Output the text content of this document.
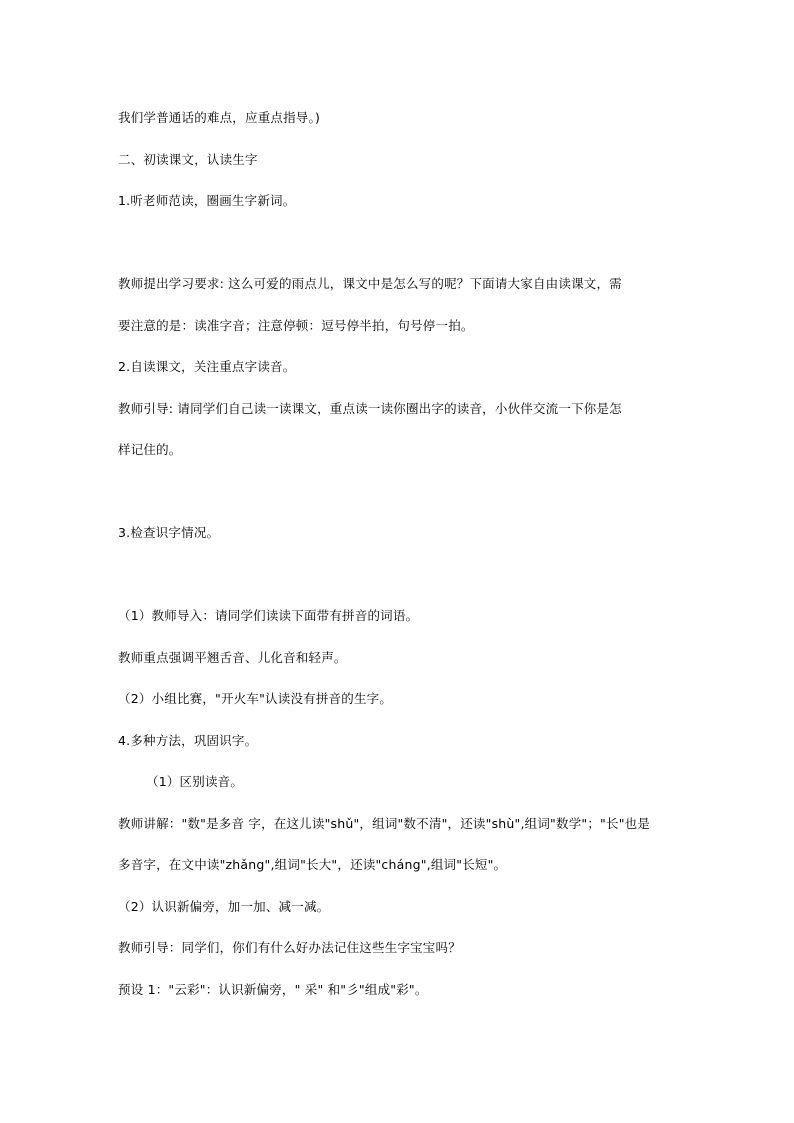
我们学普通话的难点，应重点指导。)
二、初读课文，认读生字
1.听老师范读，圈画生字新词。
教师提出学习要求: 这么可爱的雨点儿，课文中是怎么写的呢？下面请大家自由读课文，需
要注意的是：读准字音；注意停顿：逗号停半拍，句号停一拍。
2.自读课文，关注重点字读音。
教师引导: 请同学们自己读一读课文，重点读一读你圈出字的读音，小伙伴交流一下你是怎
样记住的。
3.检查识字情况。
（1）教师导入：请同学们读读下面带有拼音的词语。
教师重点强调平翘舌音、儿化音和轻声。
（2）小组比赛，"开火车"认读没有拼音的生字。
4.多种方法，巩固识字。
（1）区别读音。
教师讲解："数"是多音 字，在这儿读"shǔ"，组词"数不清"，还读"shù",组词"数学"；"长"也是
多音字，在文中读"zhǎng",组词"长大"，还读"cháng",组词"长短"。
（2）认识新偏旁，加一加、减一减。
教师引导：同学们，你们有什么好办法记住这些生字宝宝吗？
预设 1："云彩"：认识新偏旁，" 采" 和"彡"组成"彩"。
